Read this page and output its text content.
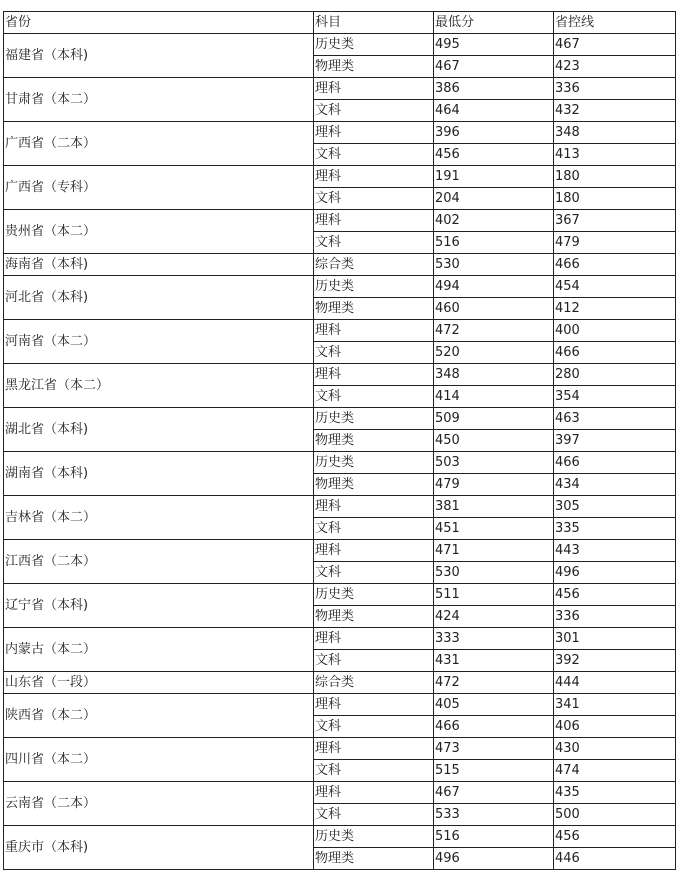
省份	科目	最低分	省控线
福建省（本科)	历史类	495	467
	物理类	467	423
甘肃省（本二）	理科	386	336
	文科	464	432
广西省（二本）	理科	396	348
	文科	456	413
广西省（专科）	理科	191	180
	文科	204	180
贵州省（本二）	理科	402	367
	文科	516	479
海南省（本科)	综合类	530	466
河北省（本科)	历史类	494	454
	物理类	460	412
河南省（本二）	理科	472	400
	文科	520	466
黑龙江省（本二）	理科	348	280
	文科	414	354
湖北省（本科)	历史类	509	463
	物理类	450	397
湖南省（本科)	历史类	503	466
	物理类	479	434
吉林省（本二）	理科	381	305
	文科	451	335
江西省（二本）	理科	471	443
	文科	530	496
辽宁省（本科)	历史类	511	456
	物理类	424	336
内蒙古（本二）	理科	333	301
	文科	431	392
山东省（一段）	综合类	472	444
陕西省（本二）	理科	405	341
	文科	466	406
四川省（本二）	理科	473	430
	文科	515	474
云南省（二本）	理科	467	435
	文科	533	500
重庆市（本科)	历史类	516	456
	物理类	496	446
